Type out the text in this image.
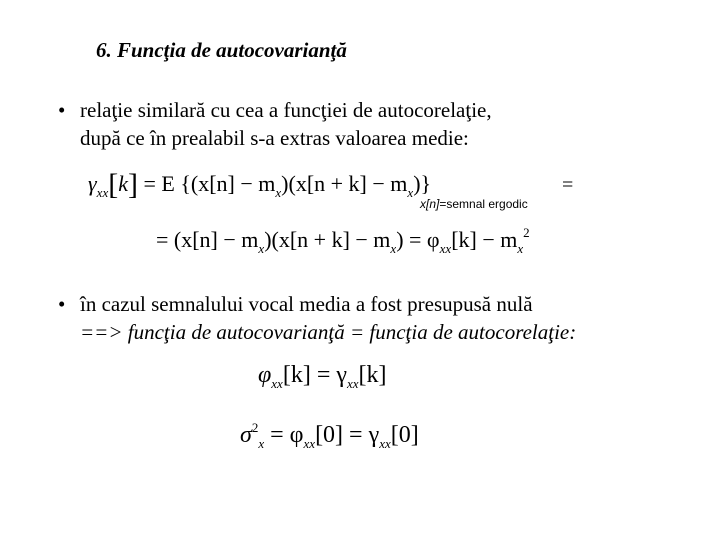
6. Funcţia de autocovarianţă
• relaţie similară cu cea a funcţiei de autocorelaţie,
după ce în prealabil s-a extras valoarea medie:
$\gamma_{xx}[k] = E$ $\{(x[n] - m_x)(x[n + k] - m_x)\}$
x[n]=semnal ergodic
=
= $(x[n] - m_x)(x[n + k] - m_x) = \varphi_{xx}[k] - m_x^2$
• în cazul semnalului vocal media a fost presupusă nulă
==> funcţia de autocovarianţă = funcţia de autocorelaţie:
$\varphi_{xx}[k] = \gamma_{xx}[k]$
$\sigma^2_x = \varphi_{xx}[0] = \gamma_{xx}[0]$
